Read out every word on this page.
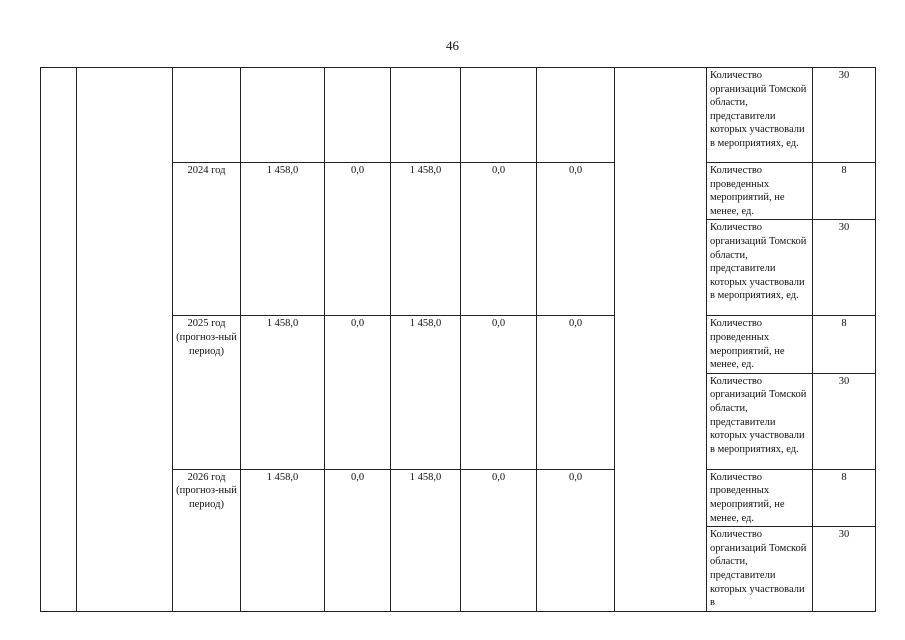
46
									Количество организаций Томской области, представители которых участвовали в мероприятиях, ед.	30
		2024 год	1 458,0	0,0	1 458,0	0,0	0,0		Количество проведенных мероприятий, не менее, ед.	8
									Количество организаций Томской области, представители которых участвовали в мероприятиях, ед.	30
		2025 год (прогноз-ный период)	1 458,0	0,0	1 458,0	0,0	0,0		Количество проведенных мероприятий, не менее, ед.	8
									Количество организаций Томской области, представители которых участвовали в мероприятиях, ед.	30
		2026 год (прогноз-ный период)	1 458,0	0,0	1 458,0	0,0	0,0		Количество проведенных мероприятий, не менее, ед.	8
									Количество организаций Томской области, представители которых участвовали в	30
